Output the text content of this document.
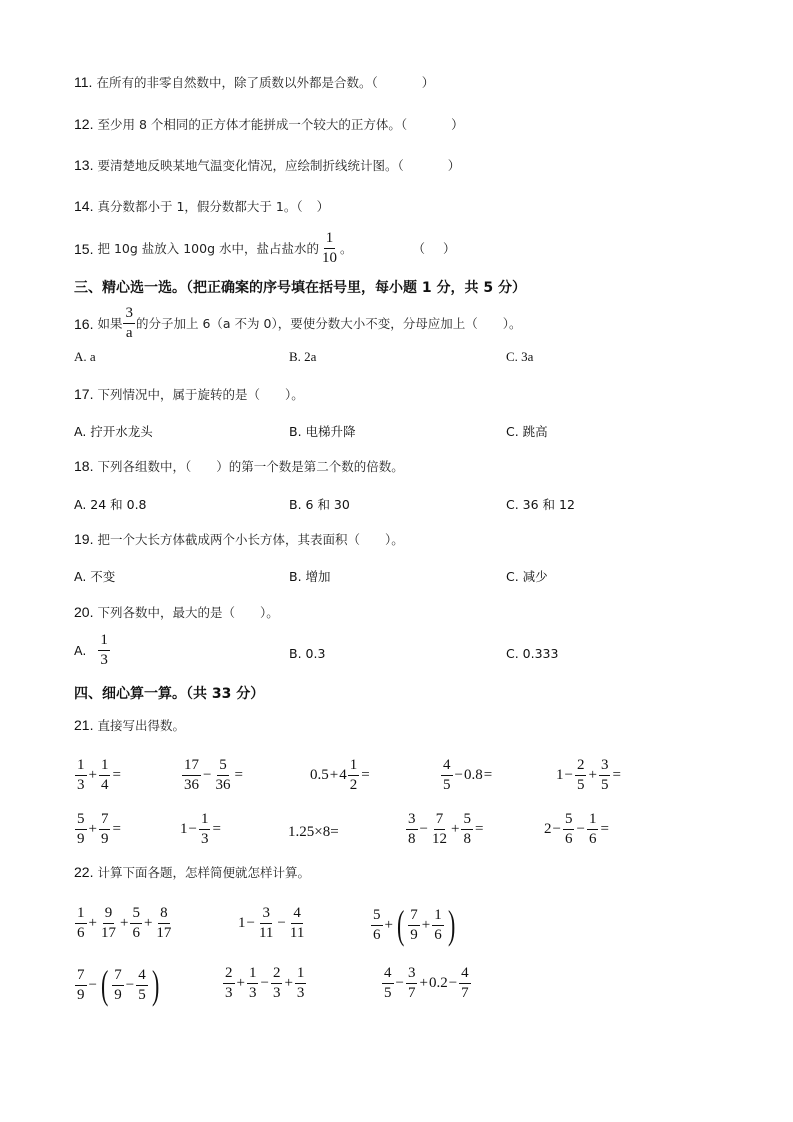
11. 在所有的非零自然数中，除了质数以外都是合数。（	）
12. 至少用 8 个相同的正方体才能拼成一个较大的正方体。（	）
13. 要清楚地反映某地气温变化情况，应绘制折线统计图。（	）
14. 真分数都小于 1，假分数都大于 1。（ ）
15. 把 10g 盐放入 100g 水中，盐占盐水的 $\frac{1}{10}$ 。	（ ）
三、精心选一选。（把正确案的序号填在括号里，每小题 1 分，共 5 分）
16. 如果 $\frac{3}{a}$ 的分子加上 6（a 不为 0），要使分数大小不变，分母应加上（　　）。
A. a	B. 2a	C. 3a
17. 下列情况中，属于旋转的是（　　）。
A. 拧开水龙头	B. 电梯升降	C. 跳高
18. 下列各组数中，（　　）的第一个数是第二个数的倍数。
A. 24 和 0.8	B. 6 和 30	C. 36 和 12
19. 把一个大长方体截成两个小长方体，其表面积（　　）。
A. 不变	B. 增加	C. 减少
20. 下列各数中，最大的是（　　）。
A. $\frac{1}{3}$	B. 0.3	C. 0.333
四、细心算一算。（共 33 分）
21. 直接写出得数。
$\frac{1}{3} + \frac{1}{4}$ =	$\frac{17}{36} - \frac{5}{36}$ =	$0.5 + 4 \frac{1}{2}$ =	$\frac{4}{5} - 0.8$ =	$1 - \frac{2}{5} + \frac{3}{5}$ =
$\frac{5}{9} + \frac{7}{9}$ =	$1 - \frac{1}{3}$ =	1.25×8=	$\frac{3}{8} - \frac{7}{12} + \frac{5}{8}$ =	$2 - \frac{5}{6} - \frac{1}{6}$ =
22. 计算下面各题，怎样简便就怎样计算。
$\frac{1}{6} + \frac{9}{17} + \frac{5}{6} + \frac{8}{17}$	$1 - \frac{3}{11} - \frac{4}{11}$	$\frac{5}{6}$ + ( $\frac{7}{9} + \frac{1}{6}$ )
$\frac{7}{9}$ − ( $\frac{7}{9} - \frac{4}{5}$ )	$\frac{2}{3} + \frac{1}{3} - \frac{2}{3} + \frac{1}{3}$	$\frac{4}{5} - \frac{3}{7} + 0.2 - \frac{4}{7}$
